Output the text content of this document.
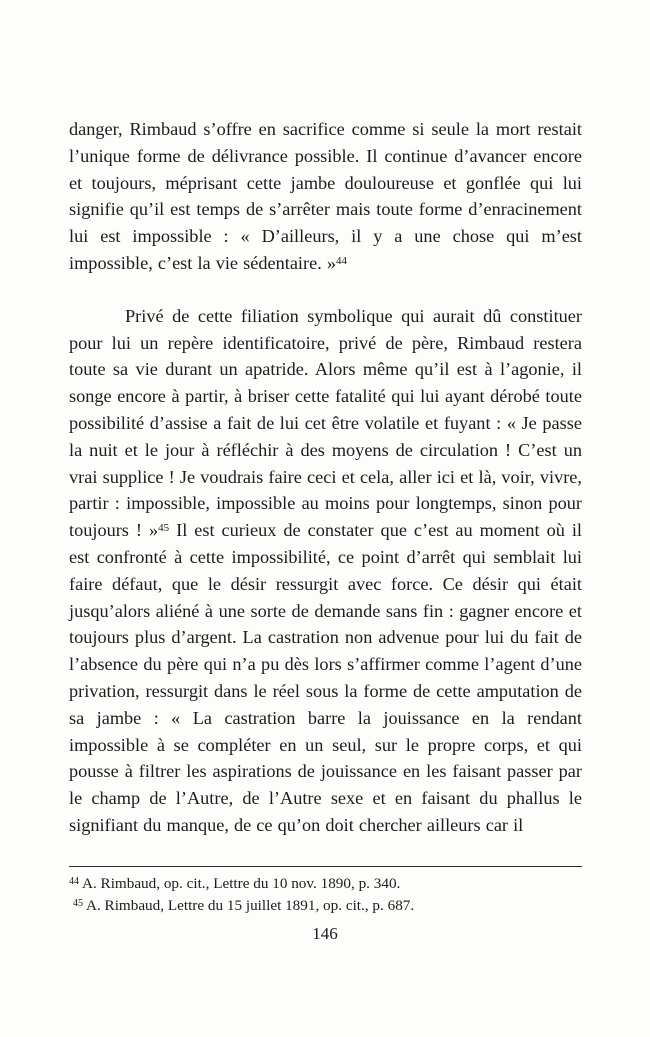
danger, Rimbaud s’offre en sacrifice comme si seule la mort restait l’unique forme de délivrance possible. Il continue d’avancer encore et toujours, méprisant cette jambe douloureuse et gonflée qui lui signifie qu’il est temps de s’arrêter mais toute forme d’enracinement lui est impossible : « D’ailleurs, il y a une chose qui m’est impossible, c’est la vie sédentaire. »$^{44}$

Privé de cette filiation symbolique qui aurait dû constituer pour lui un repère identificatoire, privé de père, Rimbaud restera toute sa vie durant un apatride. Alors même qu’il est à l’agonie, il songe encore à partir, à briser cette fatalité qui lui ayant dérobé toute possibilité d’assise a fait de lui cet être volatile et fuyant : « Je passe la nuit et le jour à réfléchir à des moyens de circulation ! C’est un vrai supplice ! Je voudrais faire ceci et cela, aller ici et là, voir, vivre, partir : impossible, impossible au moins pour longtemps, sinon pour toujours ! »$^{45}$ Il est curieux de constater que c’est au moment où il est confronté à cette impossibilité, ce point d’arrêt qui semblait lui faire défaut, que le désir ressurgit avec force. Ce désir qui était jusqu’alors aliéné à une sorte de demande sans fin : gagner encore et toujours plus d’argent. La castration non advenue pour lui du fait de l’absence du père qui n’a pu dès lors s’affirmer comme l’agent d’une privation, ressurgit dans le réel sous la forme de cette amputation de sa jambe : « La castration barre la jouissance en la rendant impossible à se compléter en un seul, sur le propre corps, et qui pousse à filtrer les aspirations de jouissance en les faisant passer par le champ de l’Autre, de l’Autre sexe et en faisant du phallus le signifiant du manque, de ce qu’on doit chercher ailleurs car il

$^{44}$ A. Rimbaud, op. cit., Lettre du 10 nov. 1890, p. 340.
$^{45}$ A. Rimbaud, Lettre du 15 juillet 1891, op. cit., p. 687.
146
